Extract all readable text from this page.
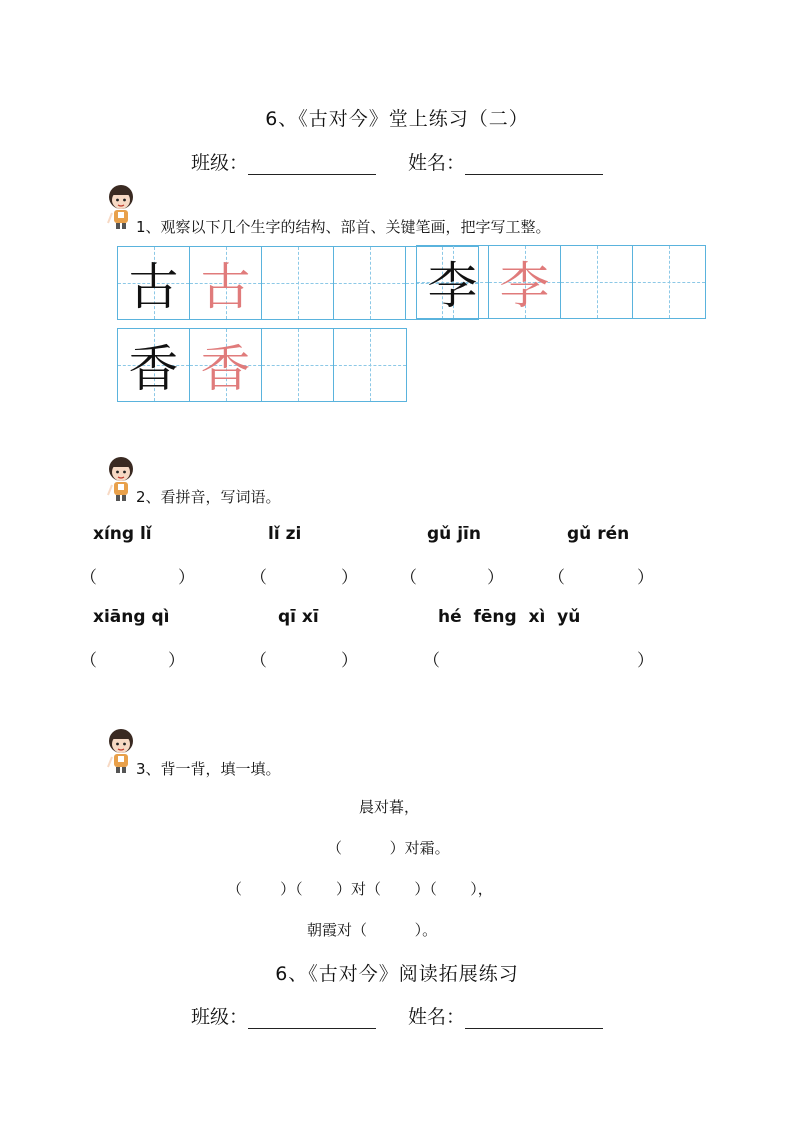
6、《古对今》堂上练习（二）
班级：	姓名：
1、观察以下几个生字的结构、部首、关键笔画，把字写工整。
古 古	李 李
香 香
2、看拼音，写词语。
xíng lǐ	lǐ zi	gǔ jīn	gǔ rén
（	）	（	） （	）	（	）
xiāng qì	qī xī	hé  fēng  xì  yǔ
（	）	（	）	（	）
3、背一背，填一填。
晨对暮，
（          ）对霜。
（        ）（       ）对（       ）（       ），
朝霞对（          ）。
6、《古对今》阅读拓展练习
班级：	姓名：
